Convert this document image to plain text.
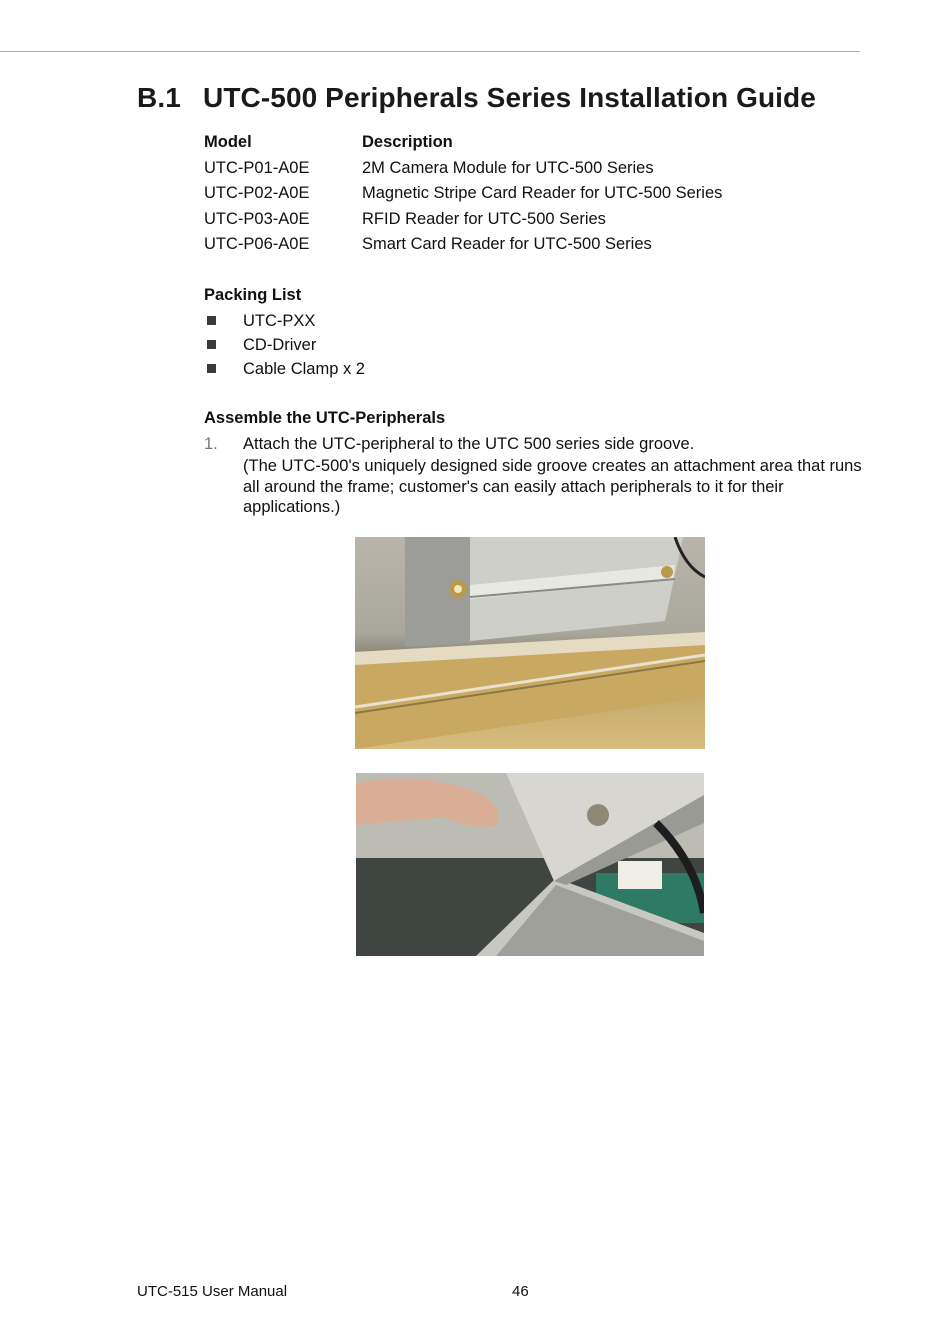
B.1 UTC-500 Peripherals Series Installation Guide
Model	Description
UTC-P01-A0E	2M Camera Module for UTC-500 Series
UTC-P02-A0E	Magnetic Stripe Card Reader for UTC-500 Series
UTC-P03-A0E	RFID Reader for UTC-500 Series
UTC-P06-A0E	Smart Card Reader for UTC-500 Series
Packing List
UTC-PXX
CD-Driver
Cable Clamp x 2
Assemble the UTC-Peripherals
1. Attach the UTC-peripheral to the UTC 500 series side groove.
(The UTC-500's uniquely designed side groove creates an attachment area that runs all around the frame; customer's can easily attach peripherals to it for their applications.)
UTC-515 User Manual	46
